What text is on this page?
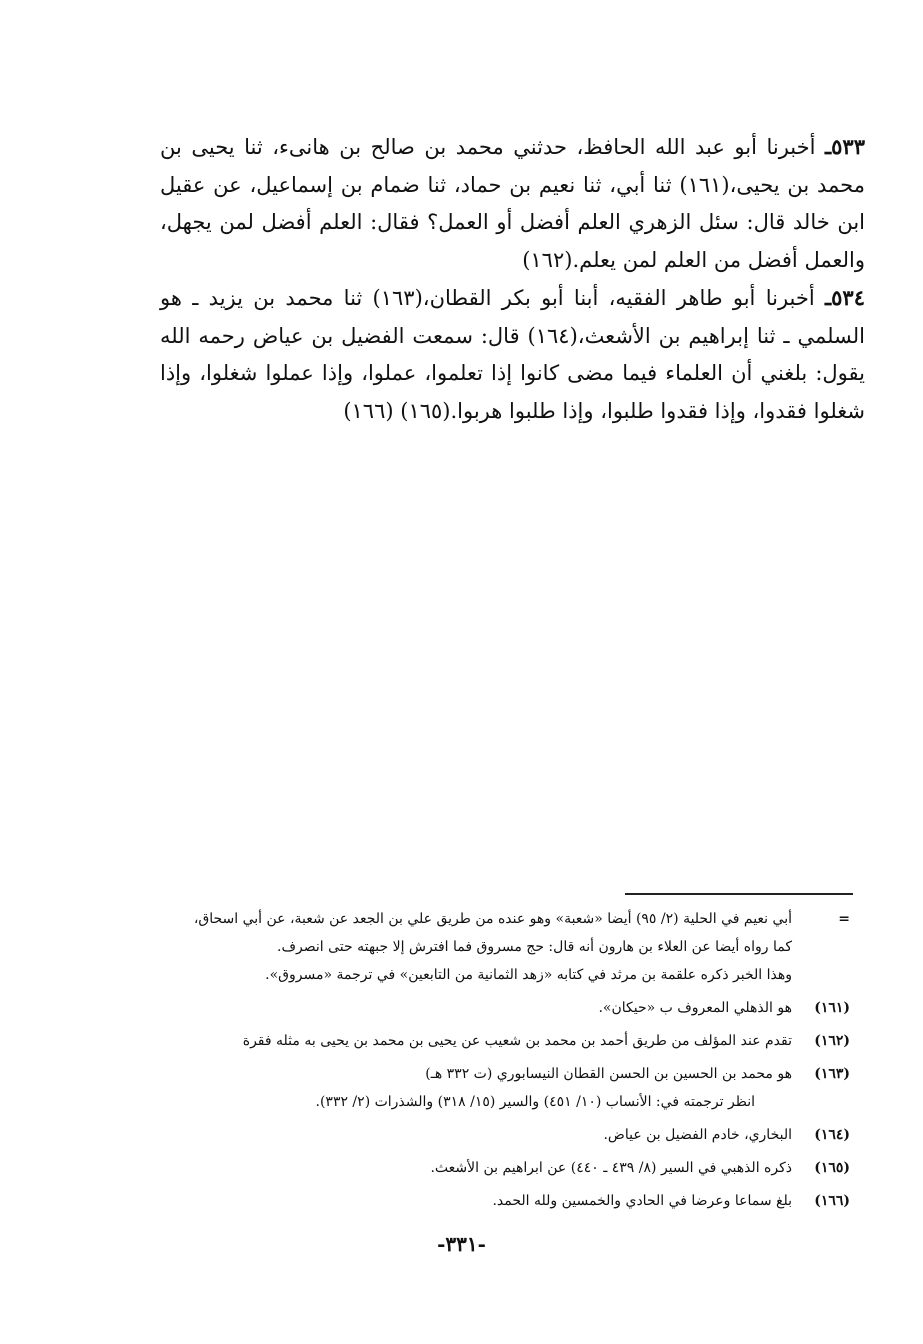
٥٣٣ـ أخبرنا أبو عبد الله الحافظ، حدثني محمد بن صالح بن هانىء، ثنا يحيى بن محمد بن يحيى،(١٦١) ثنا أبي، ثنا نعيم بن حماد، ثنا ضمام بن إسماعيل، عن عقيل ابن خالد قال: سئل الزهري العلم أفضل أو العمل؟ فقال: العلم أفضل لمن يجهل، والعمل أفضل من العلم لمن يعلم.(١٦٢)

٥٣٤ـ أخبرنا أبو طاهر الفقيه، أبنا أبو بكر القطان،(١٦٣) ثنا محمد بن يزيد ـ هو السلمي ـ ثنا إبراهيم بن الأشعث،(١٦٤) قال: سمعت الفضيل بن عياض رحمه الله يقول: بلغني أن العلماء فيما مضى كانوا إذا تعلموا، عملوا، وإذا عملوا شغلوا، وإذا شغلوا فقدوا، وإذا فقدوا طلبوا، وإذا طلبوا هربوا.(١٦٥) (١٦٦)

=
أبي نعيم في الحلية (٢/ ٩٥) أيضا «شعبة» وهو عنده من طريق علي بن الجعد عن شعبة، عن أبي اسحاق،
كما رواه أيضا عن العلاء بن هارون أنه قال: حج مسروق فما افترش إلا جبهته حتى انصرف.
وهذا الخبر ذكره علقمة بن مرثد في كتابه «زهد الثمانية من التابعين» في ترجمة «مسروق».
(١٦١)
هو الذهلي المعروف ب «حيكان».
(١٦٢)
تقدم عند المؤلف من طريق أحمد بن محمد بن شعيب عن يحيى بن محمد بن يحيى به مثله فقرة
(١٦٣)
هو محمد بن الحسين بن الحسن القطان النيسابوري (ت ٣٣٢ هـ)
انظر ترجمته في: الأنساب (١٠/ ٤٥١) والسير (١٥/ ٣١٨) والشذرات (٢/ ٣٣٢).
(١٦٤)
البخاري، خادم الفضيل بن عياض.
(١٦٥)
ذكره الذهبي في السير (٨/ ٤٣٩ ـ ٤٤٠) عن ابراهيم بن الأشعث.
(١٦٦)
بلغ سماعا وعرضا في الحادي والخمسين ولله الحمد.
-٣٣١-
